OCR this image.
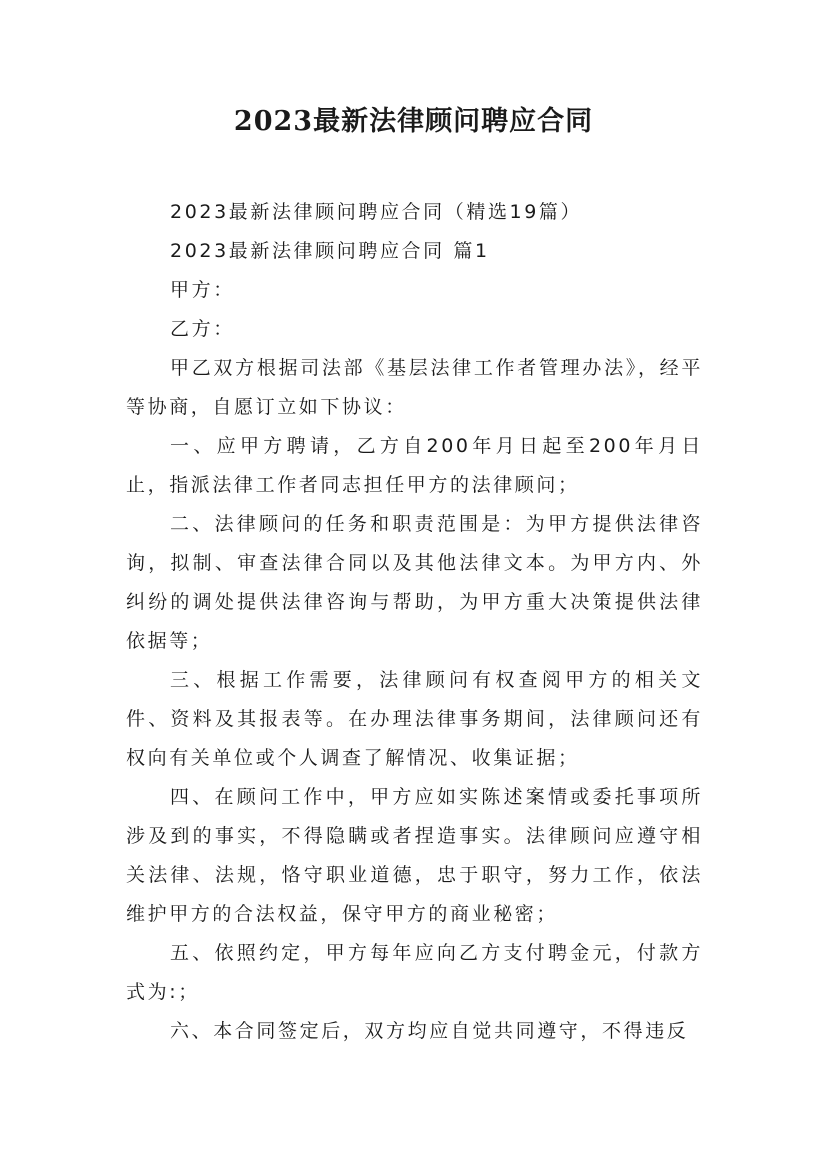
2023最新法律顾问聘应合同

2023最新法律顾问聘应合同（精选19篇）

2023最新法律顾问聘应合同 篇1

甲方：

乙方：

甲乙双方根据司法部《基层法律工作者管理办法》，经平等协商，自愿订立如下协议：

一、应甲方聘请，乙方自200年月日起至200年月日止，指派法律工作者同志担任甲方的法律顾问；

二、法律顾问的任务和职责范围是：为甲方提供法律咨询，拟制、审查法律合同以及其他法律文本。为甲方内、外纠纷的调处提供法律咨询与帮助，为甲方重大决策提供法律依据等；

三、根据工作需要，法律顾问有权查阅甲方的相关文件、资料及其报表等。在办理法律事务期间，法律顾问还有权向有关单位或个人调查了解情况、收集证据；

四、在顾问工作中，甲方应如实陈述案情或委托事项所涉及到的事实，不得隐瞒或者捏造事实。法律顾问应遵守相关法律、法规，恪守职业道德，忠于职守，努力工作，依法维护甲方的合法权益，保守甲方的商业秘密；

五、依照约定，甲方每年应向乙方支付聘金元，付款方式为:；

六、本合同签定后，双方均应自觉共同遵守，不得违反
